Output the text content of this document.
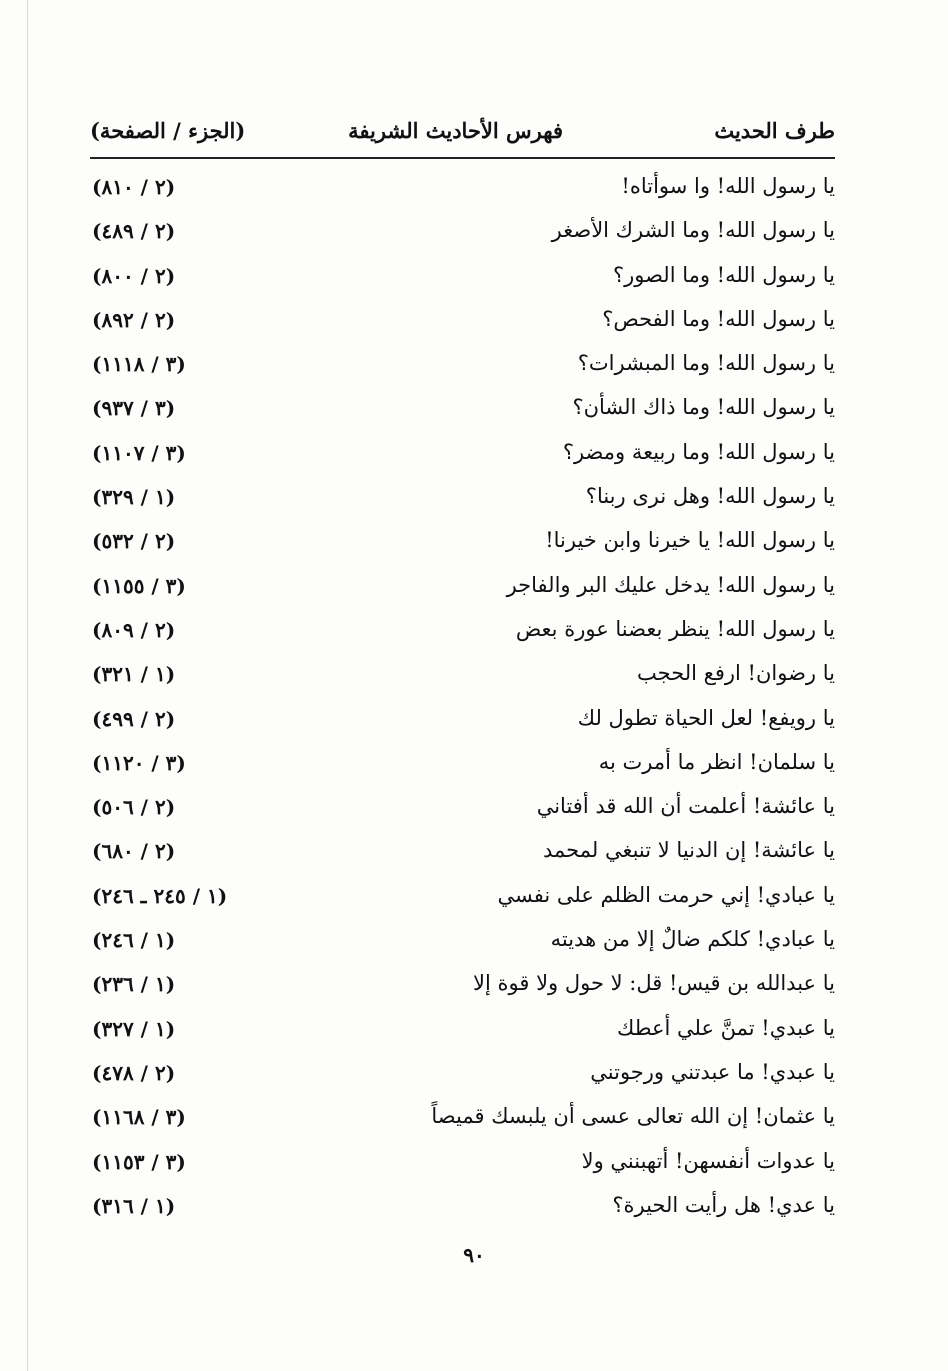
طرف الحديث
فهرس الأحاديث الشريفة
(الجزء / الصفحة)
يا رسول الله! وا سوأتاه!
(٢ / ٨١٠)
يا رسول الله! وما الشرك الأصغر
(٢ / ٤٨٩)
يا رسول الله! وما الصور؟
(٢ / ٨٠٠)
يا رسول الله! وما الفحص؟
(٢ / ٨٩٢)
يا رسول الله! وما المبشرات؟
(٣ / ١١١٨)
يا رسول الله! وما ذاك الشأن؟
(٣ / ٩٣٧)
يا رسول الله! وما ربيعة ومضر؟
(٣ / ١١٠٧)
يا رسول الله! وهل نرى ربنا؟
(١ / ٣٢٩)
يا رسول الله! يا خيرنا وابن خيرنا!
(٢ / ٥٣٢)
يا رسول الله! يدخل عليك البر والفاجر
(٣ / ١١٥٥)
يا رسول الله! ينظر بعضنا عورة بعض
(٢ / ٨٠٩)
يا رضوان! ارفع الحجب
(١ / ٣٢١)
يا رويفع! لعل الحياة تطول لك
(٢ / ٤٩٩)
يا سلمان! انظر ما أمرت به
(٣ / ١١٢٠)
يا عائشة! أعلمت أن الله قد أفتاني
(٢ / ٥٠٦)
يا عائشة! إن الدنيا لا تنبغي لمحمد
(٢ / ٦٨٠)
يا عبادي! إني حرمت الظلم على نفسي
(١ / ٢٤٥ ـ ٢٤٦)
يا عبادي! كلكم ضالٌ إلا من هديته
(١ / ٢٤٦)
يا عبدالله بن قيس! قل: لا حول ولا قوة إلا
(١ / ٢٣٦)
يا عبدي! تمنَّ علي أعطك
(١ / ٣٢٧)
يا عبدي! ما عبدتني ورجوتني
(٢ / ٤٧٨)
يا عثمان! إن الله تعالى عسى أن يلبسك قميصاً
(٣ / ١١٦٨)
يا عدوات أنفسهن! أتهبنني ولا
(٣ / ١١٥٣)
يا عدي! هل رأيت الحيرة؟
(١ / ٣١٦)
٩٠
